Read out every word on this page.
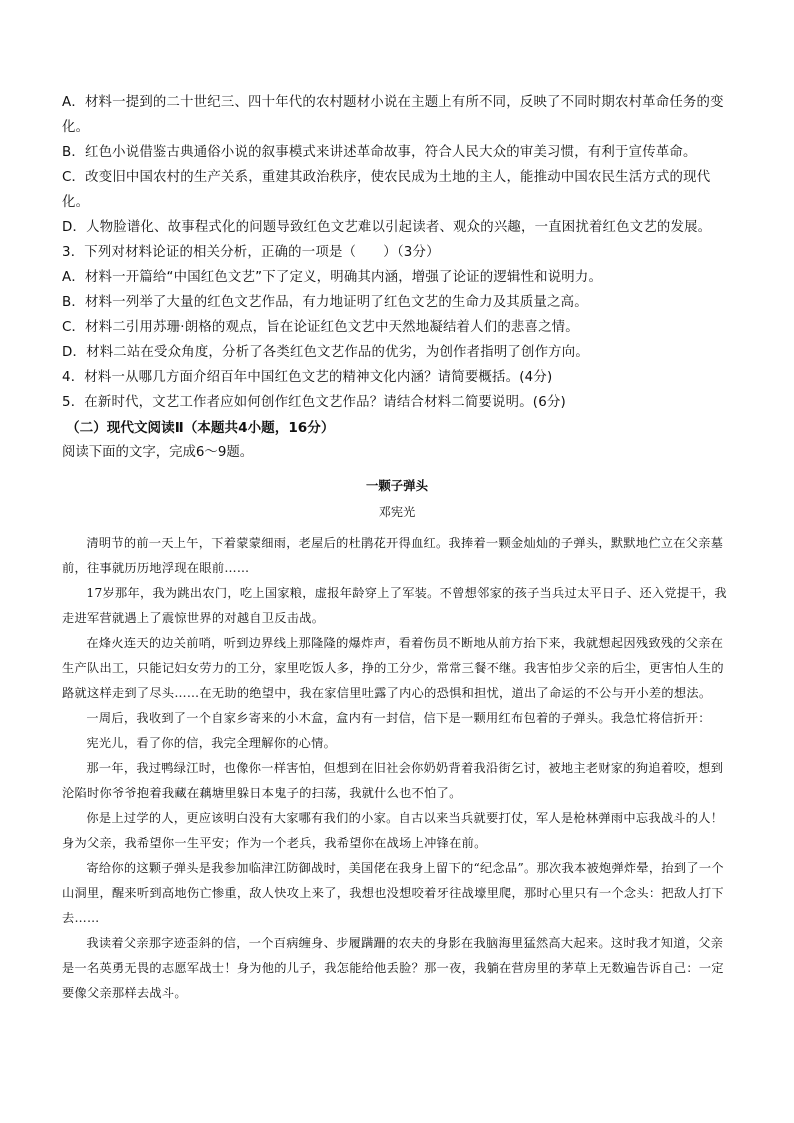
A．材料一提到的二十世纪三、四十年代的农村题材小说在主题上有所不同，反映了不同时期农村革命任务的变化。

B．红色小说借鉴古典通俗小说的叙事模式来讲述革命故事，符合人民大众的审美习惯，有利于宣传革命。

C．改变旧中国农村的生产关系，重建其政治秩序，使农民成为土地的主人，能推动中国农民生活方式的现代化。

D．人物脸谱化、故事程式化的问题导致红色文艺难以引起读者、观众的兴趣，一直困扰着红色文艺的发展。

3．下列对材料论证的相关分析，正确的一项是（　　）（3分）

A．材料一开篇给“中国红色文艺”下了定义，明确其内涵，增强了论证的逻辑性和说明力。

B．材料一列举了大量的红色文艺作品，有力地证明了红色文艺的生命力及其质量之高。

C．材料二引用苏珊·朗格的观点，旨在论证红色文艺中天然地凝结着人们的悲喜之情。

D．材料二站在受众角度，分析了各类红色文艺作品的优劣，为创作者指明了创作方向。

4．材料一从哪几方面介绍百年中国红色文艺的精神文化内涵？请简要概括。(4分)

5．在新时代，文艺工作者应如何创作红色文艺作品？请结合材料二简要说明。(6分)

（二）现代文阅读Ⅱ（本题共4小题，16分）

阅读下面的文字，完成6～9题。

一颗子弹头

邓宪光

清明节的前一天上午，下着蒙蒙细雨，老屋后的杜鹃花开得血红。我捧着一颗金灿灿的子弹头，默默地伫立在父亲墓前，往事就历历地浮现在眼前……

17岁那年，我为跳出农门，吃上国家粮，虚报年龄穿上了军装。不曾想邻家的孩子当兵过太平日子、还入党提干，我走进军营就遇上了震惊世界的对越自卫反击战。

在烽火连天的边关前哨，听到边界线上那隆隆的爆炸声，看着伤员不断地从前方抬下来，我就想起因残致残的父亲在生产队出工，只能记妇女劳力的工分，家里吃饭人多，挣的工分少，常常三餐不继。我害怕步父亲的后尘，更害怕人生的路就这样走到了尽头……在无助的绝望中，我在家信里吐露了内心的恐惧和担忧，道出了命运的不公与开小差的想法。

一周后，我收到了一个自家乡寄来的小木盒，盒内有一封信，信下是一颗用红布包着的子弹头。我急忙将信折开：

宪光儿，看了你的信，我完全理解你的心情。

那一年，我过鸭绿江时，也像你一样害怕，但想到在旧社会你奶奶背着我沿街乞讨，被地主老财家的狗追着咬，想到沦陷时你爷爷抱着我藏在藕塘里躲日本鬼子的扫荡，我就什么也不怕了。

你是上过学的人，更应该明白没有大家哪有我们的小家。自古以来当兵就要打仗，军人是枪林弹雨中忘我战斗的人！身为父亲，我希望你一生平安；作为一个老兵，我希望你在战场上冲锋在前。

寄给你的这颗子弹头是我参加临津江防御战时，美国佬在我身上留下的“纪念品”。那次我本被炮弹炸晕，抬到了一个山洞里，醒来听到高地伤亡惨重，敌人快攻上来了，我想也没想咬着牙往战壕里爬，那时心里只有一个念头：把敌人打下去……

我读着父亲那字迹歪斜的信，一个百病缠身、步履蹒跚的农夫的身影在我脑海里猛然高大起来。这时我才知道，父亲是一名英勇无畏的志愿军战士！身为他的儿子，我怎能给他丢脸？那一夜，我躺在营房里的茅草上无数遍告诉自己：一定要像父亲那样去战斗。
